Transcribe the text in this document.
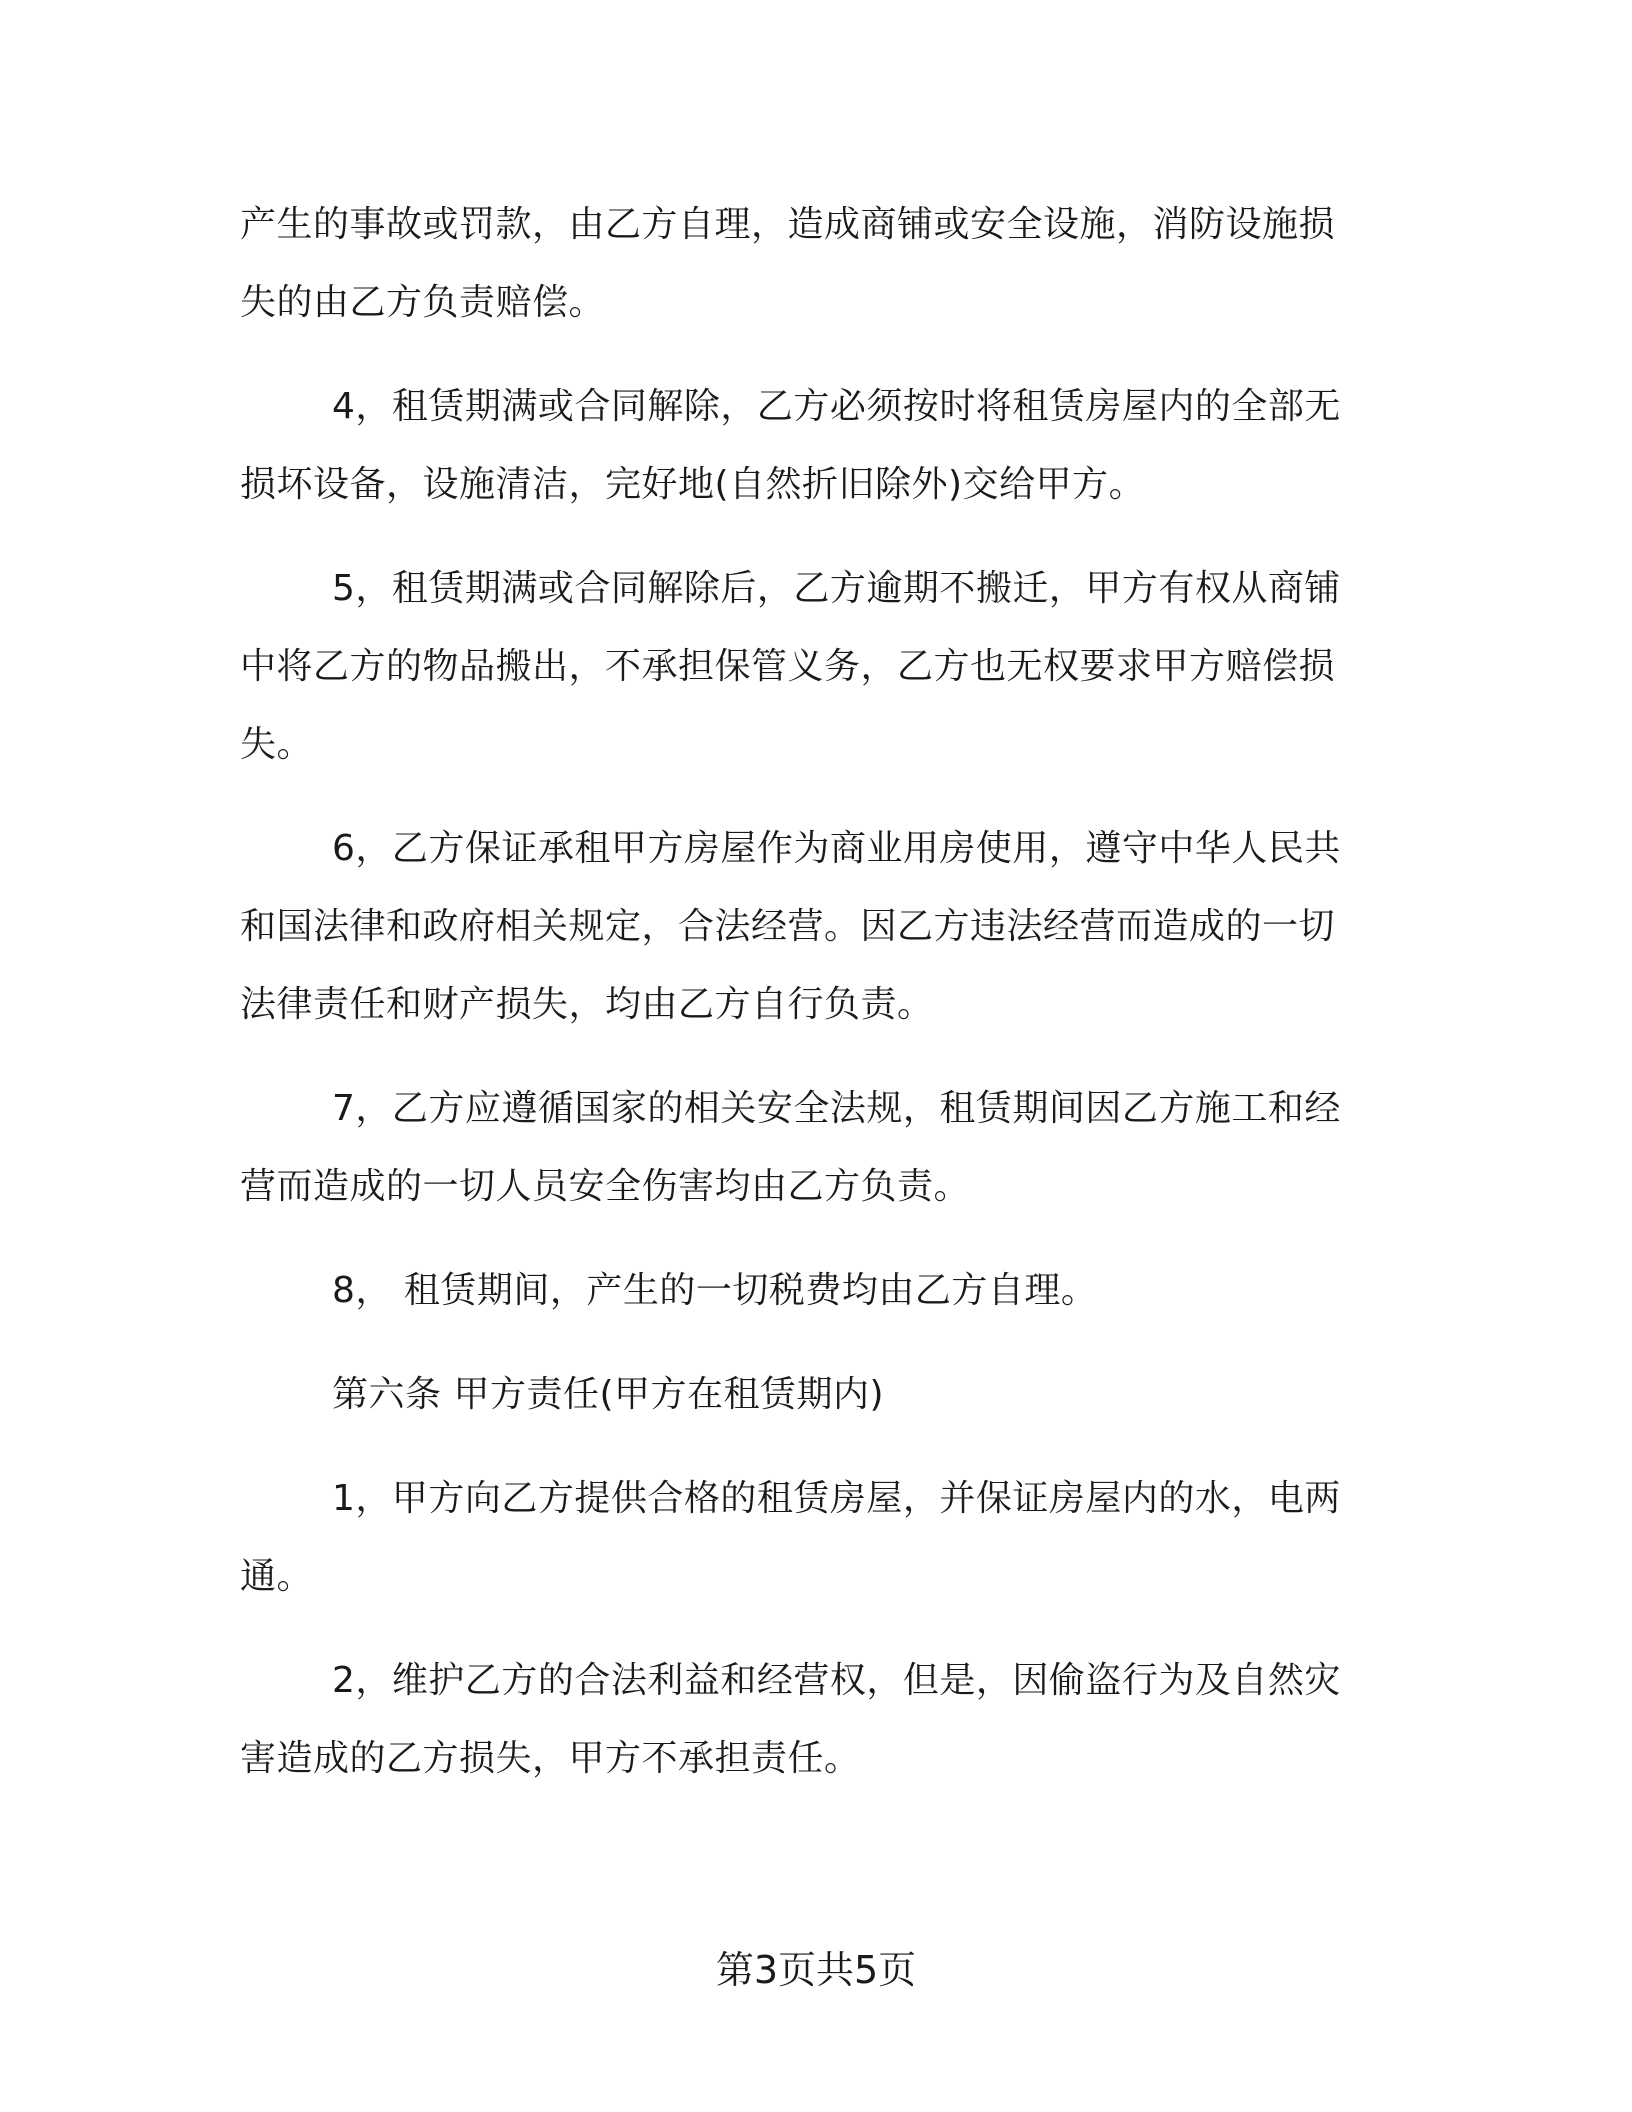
产生的事故或罚款，由乙方自理，造成商铺或安全设施，消防设施损失的由乙方负责赔偿。

4，租赁期满或合同解除，乙方必须按时将租赁房屋内的全部无损坏设备，设施清洁，完好地(自然折旧除外)交给甲方。

5，租赁期满或合同解除后，乙方逾期不搬迁，甲方有权从商铺中将乙方的物品搬出，不承担保管义务，乙方也无权要求甲方赔偿损失。

6，乙方保证承租甲方房屋作为商业用房使用，遵守中华人民共和国法律和政府相关规定，合法经营。因乙方违法经营而造成的一切法律责任和财产损失，均由乙方自行负责。

7，乙方应遵循国家的相关安全法规，租赁期间因乙方施工和经营而造成的一切人员安全伤害均由乙方负责。

8， 租赁期间，产生的一切税费均由乙方自理。

第六条 甲方责任(甲方在租赁期内)

1，甲方向乙方提供合格的租赁房屋，并保证房屋内的水，电两通。

2，维护乙方的合法利益和经营权，但是，因偷盗行为及自然灾害造成的乙方损失，甲方不承担责任。

第3页共5页
